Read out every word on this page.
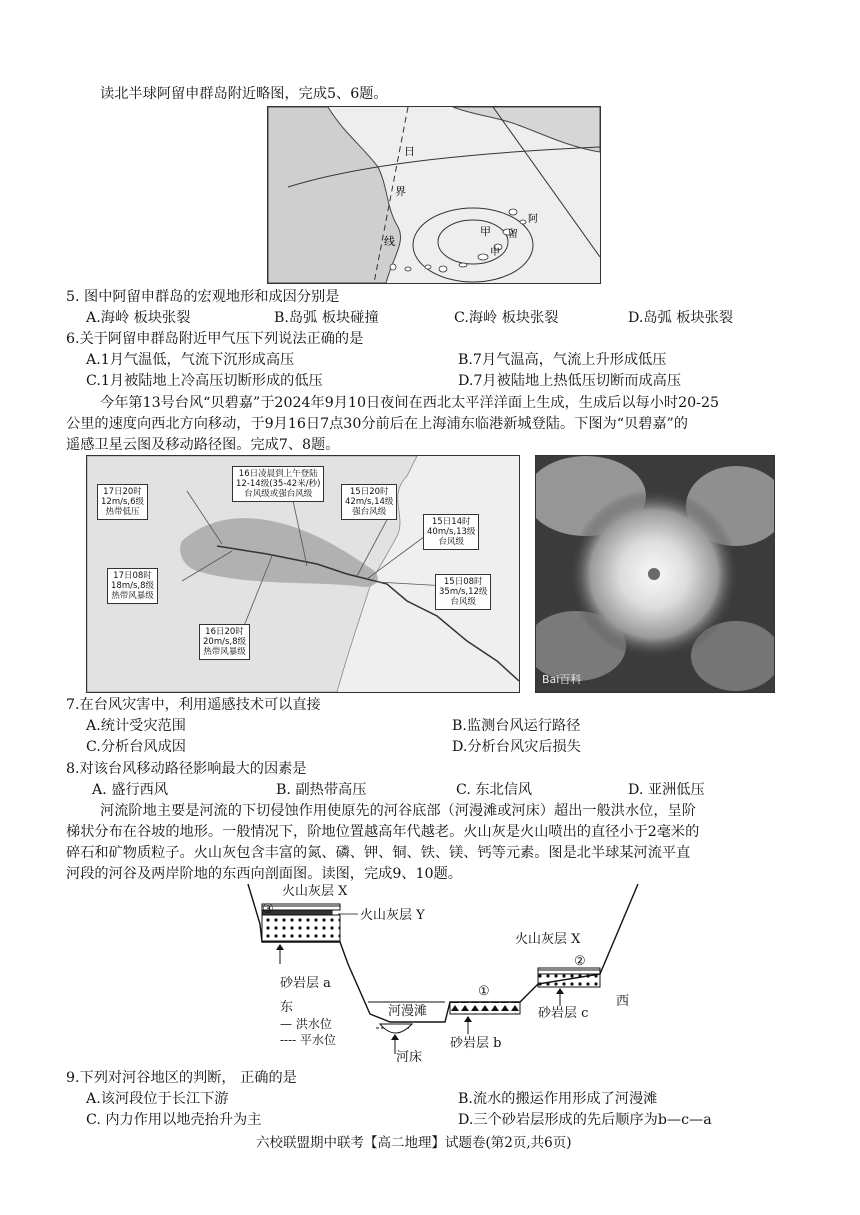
读北半球阿留申群岛附近略图，完成5、6题。
日
界
线
甲
阿
留
申
5. 图中阿留申群岛的宏观地形和成因分别是
A.海岭 板块张裂	B.岛弧 板块碰撞	C.海岭 板块张裂	D.岛弧 板块张裂
6.关于阿留申群岛附近甲气压下列说法正确的是
A.1月气温低，气流下沉形成高压	B.7月气温高，气流上升形成低压
C.1月被陆地上冷高压切断形成的低压	D.7月被陆地上热低压切断而成高压
今年第13号台风“贝碧嘉”于2024年9月10日夜间在西北太平洋洋面上生成，生成后以每小时20-25
公里的速度向西北方向移动，于9月16日7点30分前后在上海浦东临港新城登陆。下图为“贝碧嘉”的
遥感卫星云图及移动路径图。完成7、8题。
16日凌晨到上午登陆
12-14级(35-42米/秒)
台风级或强台风级
17日20时
12m/s,6级
热带低压
15日20时
42m/s,14级
强台风级
15日14时
40m/s,13级
台风级
17日08时
18m/s,8级
热带风暴级
16日20时
20m/s,8级
热带风暴级
15日08时
35m/s,12级
台风级
Bai百科
7.在台风灾害中，利用遥感技术可以直接
A.统计受灾范围	B.监测台风运行路径
C.分析台风成因	D.分析台风灾后损失
8.对该台风移动路径影响最大的因素是
A. 盛行西风	B. 副热带高压	C. 东北信风	D. 亚洲低压
河流阶地主要是河流的下切侵蚀作用使原先的河谷底部（河漫滩或河床）超出一般洪水位，呈阶
梯状分布在谷坡的地形。一般情况下，阶地位置越高年代越老。火山灰是火山喷出的直径小于2毫米的
碎石和矿物质粒子。火山灰包含丰富的氮、磷、钾、铜、铁、镁、钙等元素。图是北半球某河流平直
河段的河谷及两岸阶地的东西向剖面图。读图，完成9、10题。
火山灰层 X
③	火山灰层 Y
砂岩层 a
东
— 洪水位
---- 平水位
河漫滩
河床
砂岩层 b
①
火山灰层 X
②
砂岩层 c
西
9.下列对河谷地区的判断， 正确的是
A.该河段位于长江下游	B.流水的搬运作用形成了河漫滩
C. 内力作用以地壳抬升为主	D.三个砂岩层形成的先后顺序为b—c—a
六校联盟期中联考【高二地理】试题卷(第2页,共6页)
